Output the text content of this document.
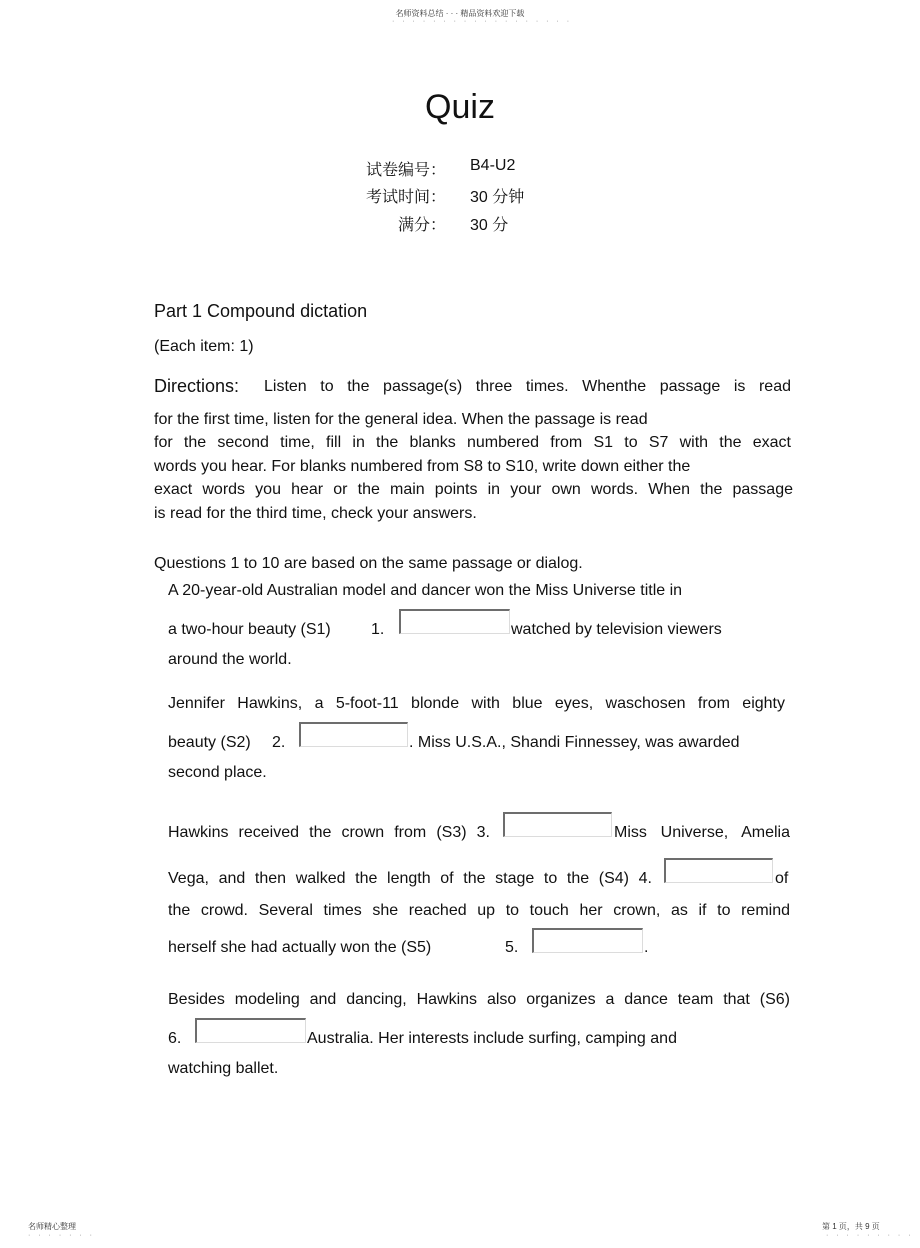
名师资料总结 · · · 精品资料欢迎下载
· · · · · · · · · · · · · · · · · ·
Quiz
试卷编号： B4-U2
考试时间： 30 分钟
满分： 30 分
Part 1 Compound dictation
(Each item: 1)
Directions: Listen to the passage(s) three times. Whenthe passage is read
for the first time, listen for the general idea. When the passage is read
for the second time, fill in the blanks numbered from S1 to S7 with the exact
words you hear. For blanks numbered from S8 to S10, write down either the
exact words you hear or the main points in your own words. When the passage
is read for the third time, check your answers.
Questions 1 to 10 are based on the same passage or dialog.
A 20-year-old Australian model and dancer won the Miss Universe title in
a two-hour beauty (S1)	1.	watched by television viewers
around the world.
Jennifer Hawkins, a 5-foot-11 blonde with blue eyes, waschosen from eighty
beauty (S2) 2.	. Miss U.S.A., Shandi Finnessey, was awarded
second place.
Hawkins received the crown from (S3) 3.	Miss Universe, Amelia
Vega, and then walked the length of the stage to the (S4) 4.	of
the crowd. Several times she reached up to touch her crown, as if to remind
herself she had actually won the (S5)	5.	.
Besides modeling and dancing, Hawkins also organizes a dance team that (S6)
6.	Australia. Her interests include surfing, camping and
watching ballet.
名师精心整理
· · · · · · ·
第 1 页，共 9 页
· · · · · · · · ·
